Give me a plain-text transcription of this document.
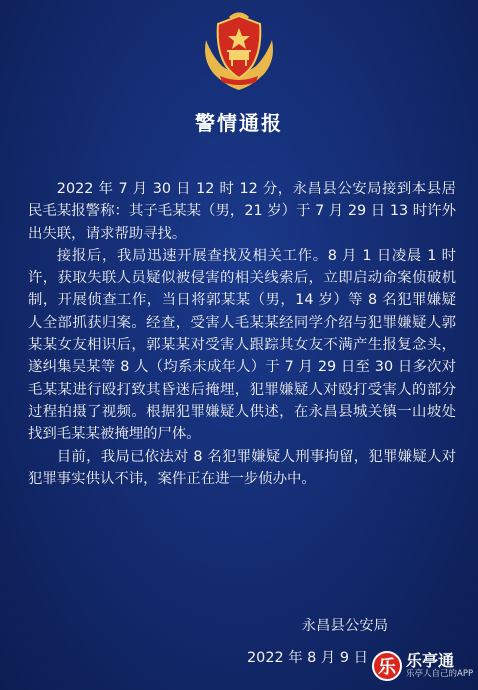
警情通报

2022 年 7 月 30 日 12 时 12 分，永昌县公安局接到本县居民毛某报警称：其子毛某某（男，21 岁）于 7 月 29 日 13 时许外出失联，请求帮助寻找。

接报后，我局迅速开展查找及相关工作。8 月 1 日凌晨 1 时许，获取失联人员疑似被侵害的相关线索后，立即启动命案侦破机制，开展侦查工作，当日将郭某某（男，14 岁）等 8 名犯罪嫌疑人全部抓获归案。经查，受害人毛某某经同学介绍与犯罪嫌疑人郭某某女友相识后，郭某某对受害人跟踪其女友不满产生报复念头，遂纠集吴某等 8 人（均系未成年人）于 7 月 29 日至 30 日多次对毛某某进行殴打致其昏迷后掩埋，犯罪嫌疑人对殴打受害人的部分过程拍摄了视频。根据犯罪嫌疑人供述，在永昌县城关镇一山坡处找到毛某某被掩埋的尸体。

目前，我局已依法对 8 名犯罪嫌疑人刑事拘留，犯罪嫌疑人对犯罪事实供认不讳，案件正在进一步侦办中。

永昌县公安局
2022 年 8 月 9 日 乐 乐亭通
乐亭人自己的APP
